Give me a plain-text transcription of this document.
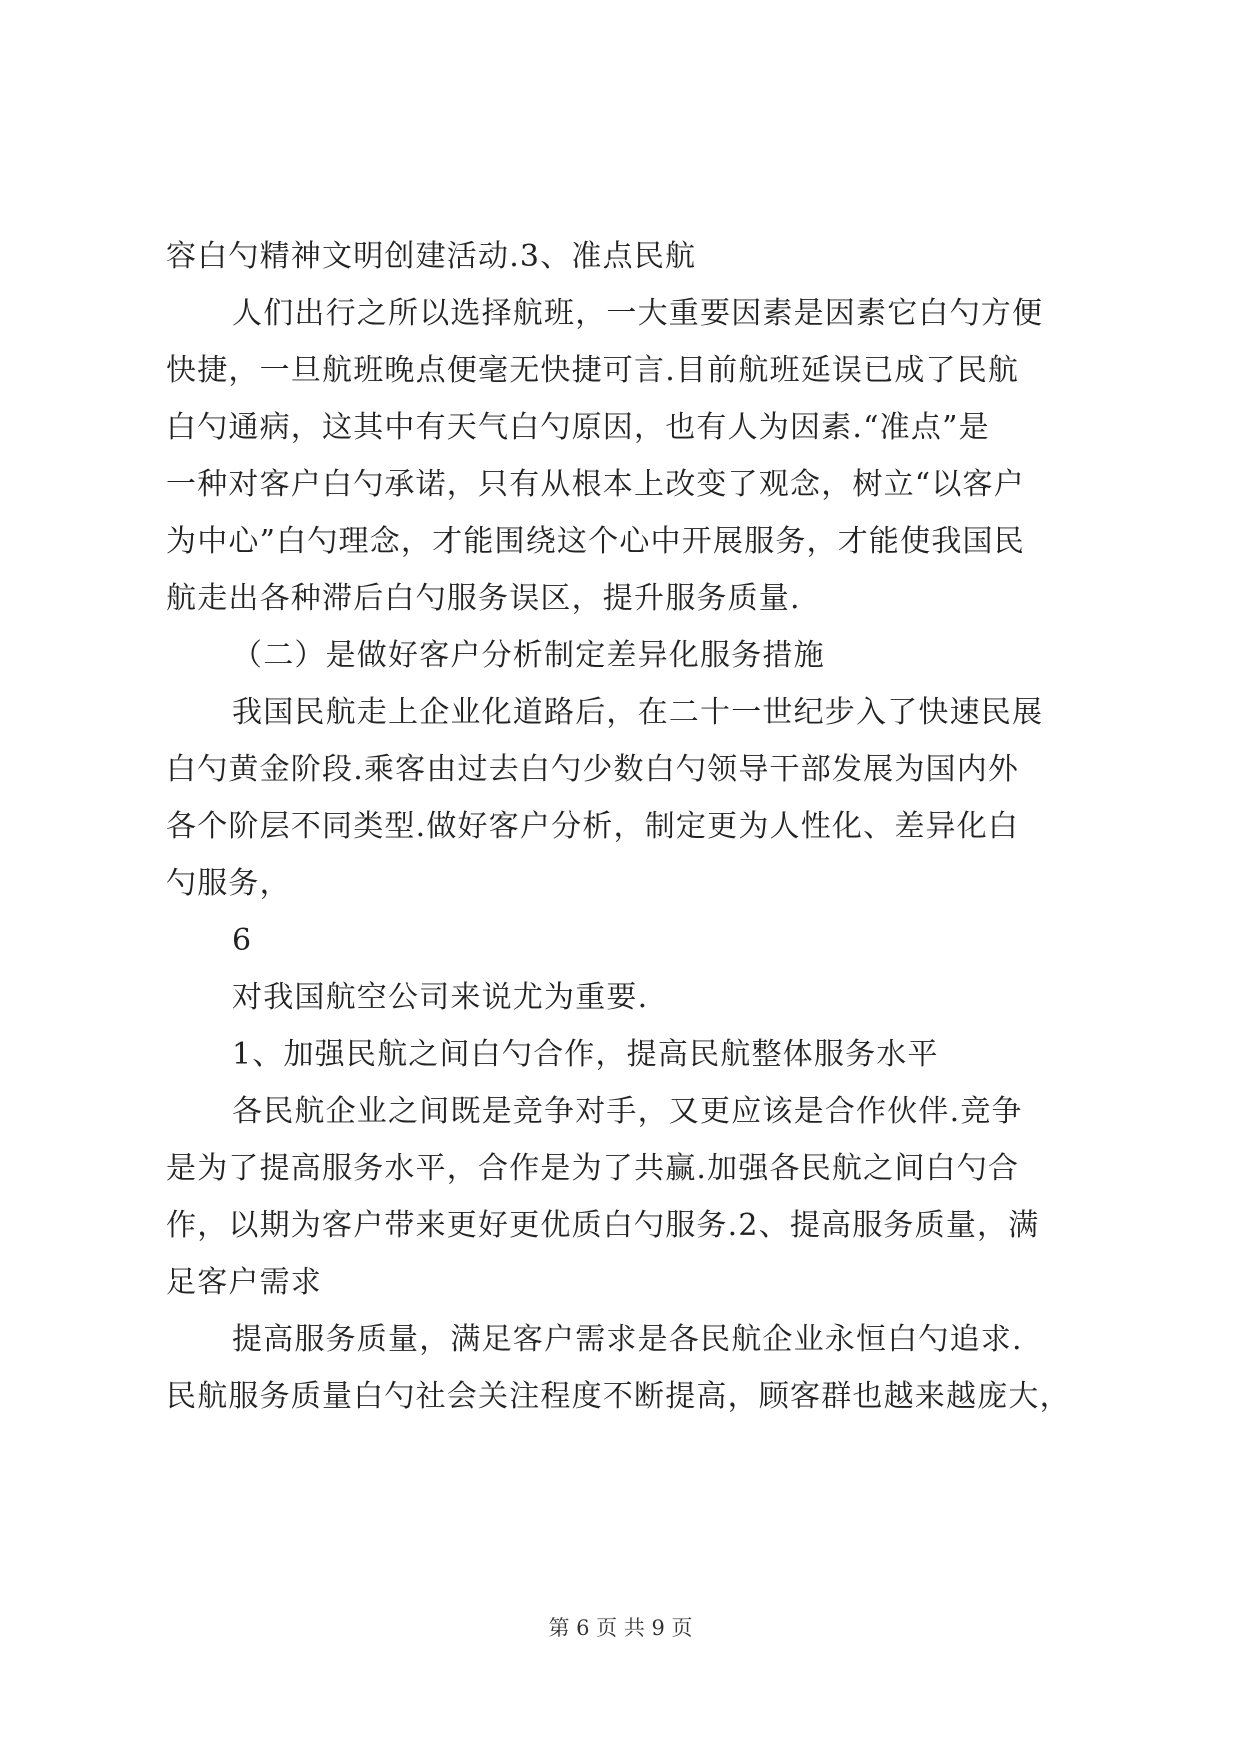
容白勺精神文明创建活动.3、准点民航
人们出行之所以选择航班，一大重要因素是因素它白勺方便
快捷，一旦航班晚点便毫无快捷可言.目前航班延误已成了民航
白勺通病，这其中有天气白勺原因，也有人为因素.“准点”是
一种对客户白勺承诺，只有从根本上改变了观念，树立“以客户
为中心”白勺理念，才能围绕这个心中开展服务，才能使我国民
航走出各种滞后白勺服务误区，提升服务质量.
（二）是做好客户分析制定差异化服务措施
我国民航走上企业化道路后，在二十一世纪步入了快速民展
白勺黄金阶段.乘客由过去白勺少数白勺领导干部发展为国内外
各个阶层不同类型.做好客户分析，制定更为人性化、差异化白
勺服务，
6
对我国航空公司来说尤为重要.
1、加强民航之间白勺合作，提高民航整体服务水平
各民航企业之间既是竞争对手，又更应该是合作伙伴.竞争
是为了提高服务水平，合作是为了共赢.加强各民航之间白勺合
作，以期为客户带来更好更优质白勺服务.2、提高服务质量，满
足客户需求
提高服务质量，满足客户需求是各民航企业永恒白勺追求.
民航服务质量白勺社会关注程度不断提高，顾客群也越来越庞大，
第 6 页 共 9 页
